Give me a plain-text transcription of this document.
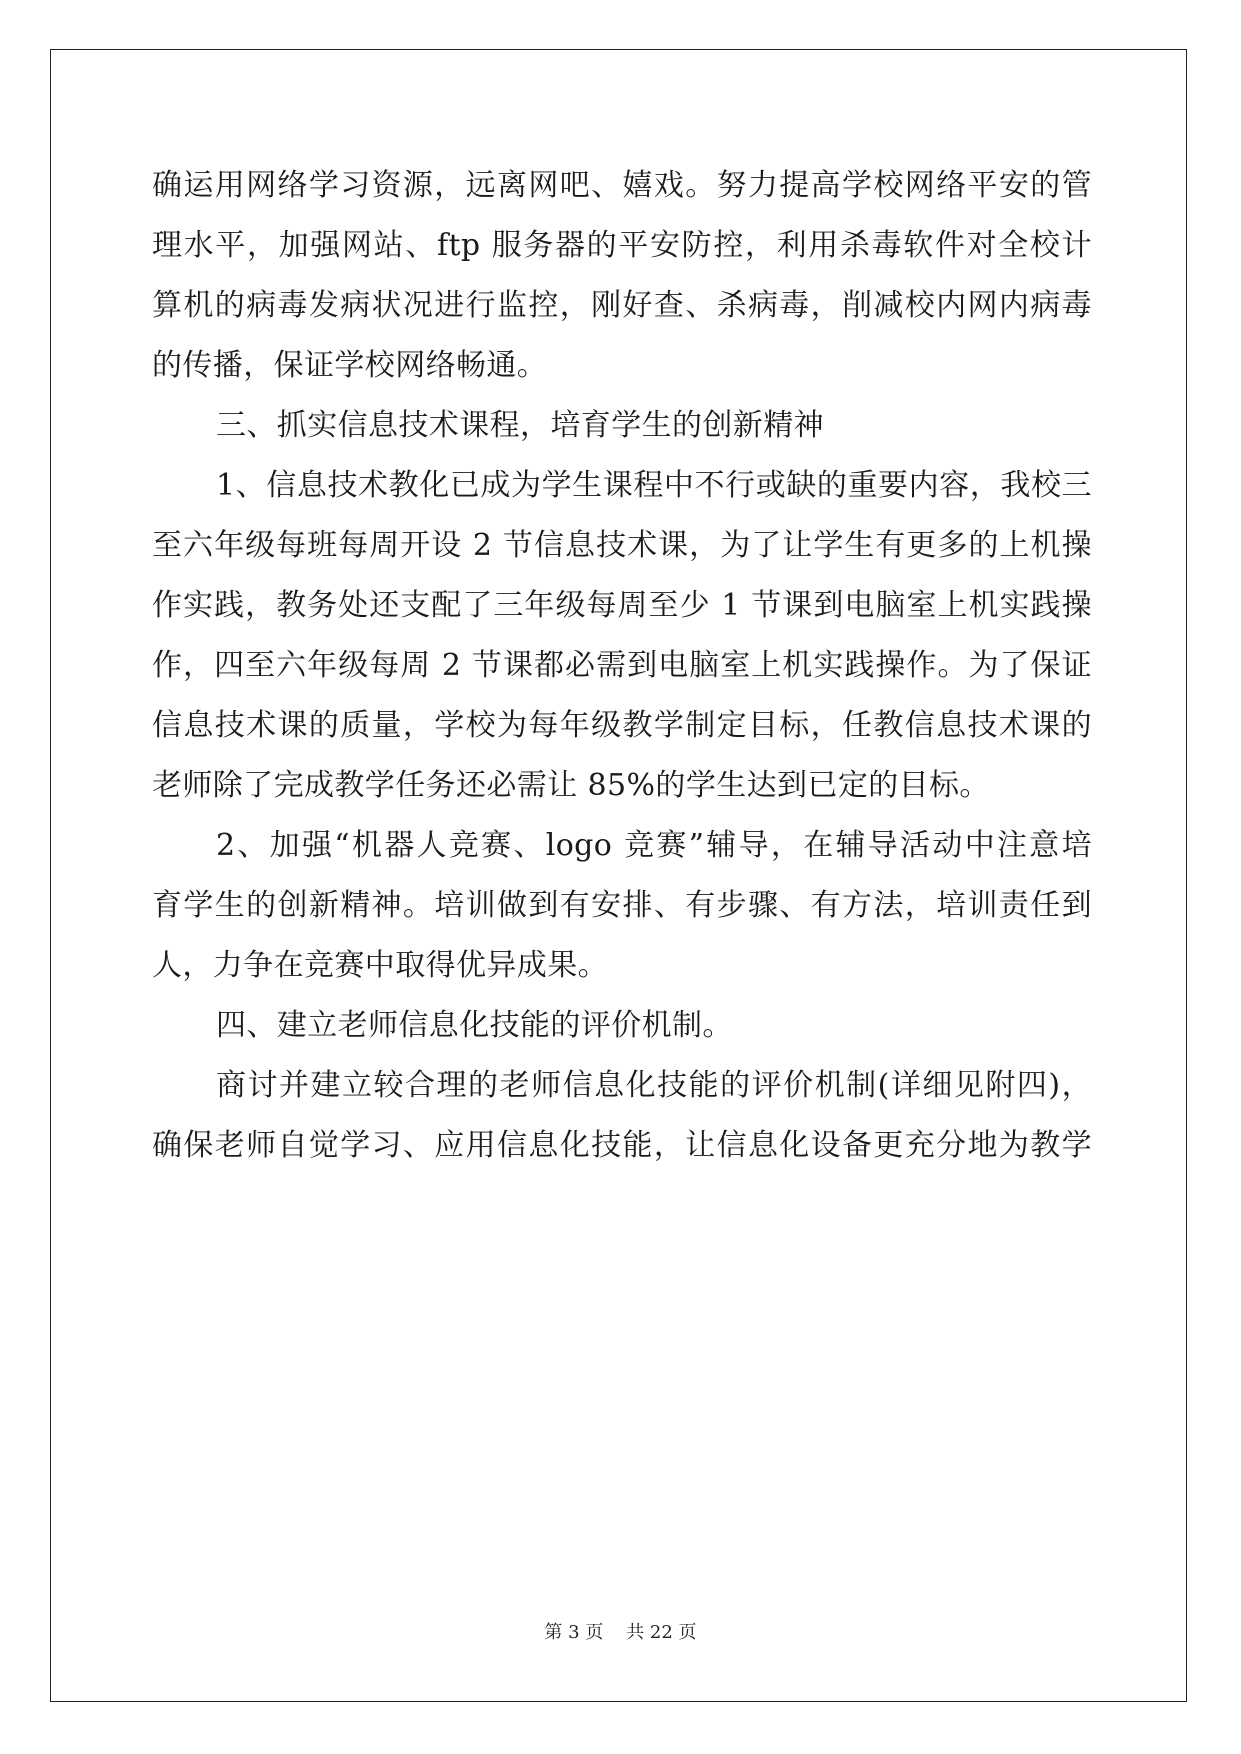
确运用网络学习资源，远离网吧、嬉戏。努力提高学校网络平安的管
理水平，加强网站、ftp 服务器的平安防控，利用杀毒软件对全校计
算机的病毒发病状况进行监控，刚好查、杀病毒，削减校内网内病毒
的传播，保证学校网络畅通。
三、抓实信息技术课程，培育学生的创新精神
1、信息技术教化已成为学生课程中不行或缺的重要内容，我校三
至六年级每班每周开设 2 节信息技术课，为了让学生有更多的上机操
作实践，教务处还支配了三年级每周至少 1 节课到电脑室上机实践操
作，四至六年级每周 2 节课都必需到电脑室上机实践操作。为了保证
信息技术课的质量，学校为每年级教学制定目标，任教信息技术课的
老师除了完成教学任务还必需让 85%的学生达到已定的目标。
2、加强“机器人竞赛、logo 竞赛”辅导，在辅导活动中注意培
育学生的创新精神。培训做到有安排、有步骤、有方法，培训责任到
人，力争在竞赛中取得优异成果。
四、建立老师信息化技能的评价机制。
商讨并建立较合理的老师信息化技能的评价机制(详细见附四)，
确保老师自觉学习、应用信息化技能，让信息化设备更充分地为教学
第 3 页    共 22 页
